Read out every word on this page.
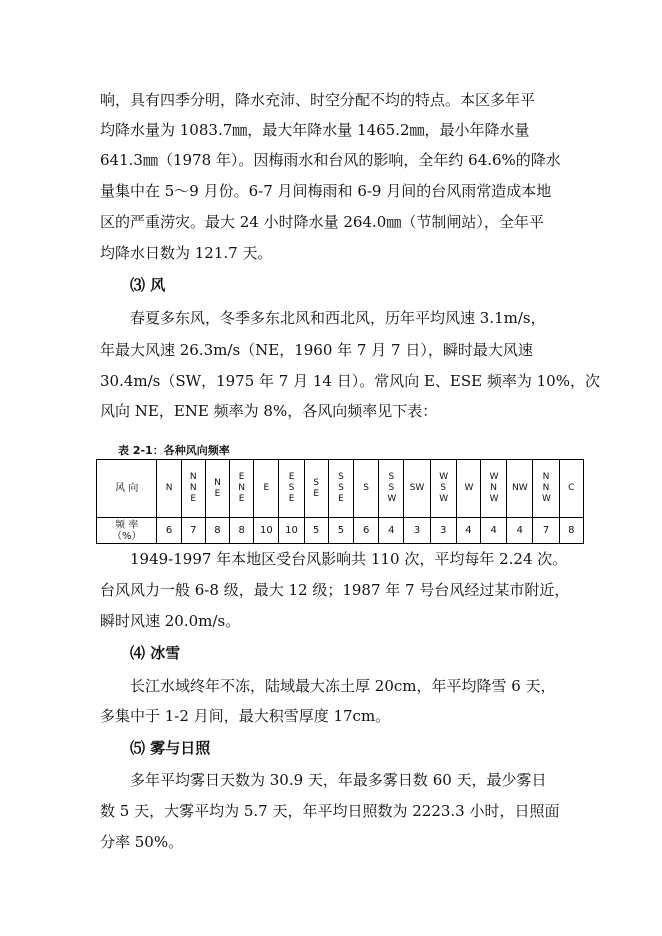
响，具有四季分明，降水充沛、时空分配不均的特点。本区多年平
均降水量为 1083.7㎜，最大年降水量 1465.2㎜，最小年降水量
641.3㎜（1978 年）。因梅雨水和台风的影响，全年约 64.6%的降水
量集中在 5～9 月份。6-7 月间梅雨和 6-9 月间的台风雨常造成本地
区的严重涝灾。最大 24 小时降水量 264.0㎜（节制闸站），全年平
均降水日数为 121.7 天。
⑶ 风
春夏多东风，冬季多东北风和西北风，历年平均风速 3.1m/s，
年最大风速 26.3m/s（NE，1960 年 7 月 7 日），瞬时最大风速
30.4m/s（SW，1975 年 7 月 14 日）。常风向 E、ESE 频率为 10%，次
风向 NE，ENE 频率为 8%，各风向频率见下表：
表 2-1：各种风向频率
风 向	N	NNE	NE	ENE	E	ESE	SE	SSE	S	SSW	SW	WSW	W	WNW	NW	NNW	C

频 率
（%）	6	7	8	8	10	10	5	5	6	4	3	3	4	4	4	7	8
1949-1997 年本地区受台风影响共 110 次，平均每年 2.24 次。
台风风力一般 6-8 级，最大 12 级；1987 年 7 号台风经过某市附近，
瞬时风速 20.0m/s。
⑷ 冰雪
长江水域终年不冻，陆域最大冻土厚 20cm，年平均降雪 6 天，
多集中于 1-2 月间，最大积雪厚度 17cm。
⑸ 雾与日照
多年平均雾日天数为 30.9 天，年最多雾日数 60 天，最少雾日
数 5 天，大雾平均为 5.7 天，年平均日照数为 2223.3 小时，日照面
分率 50%。
